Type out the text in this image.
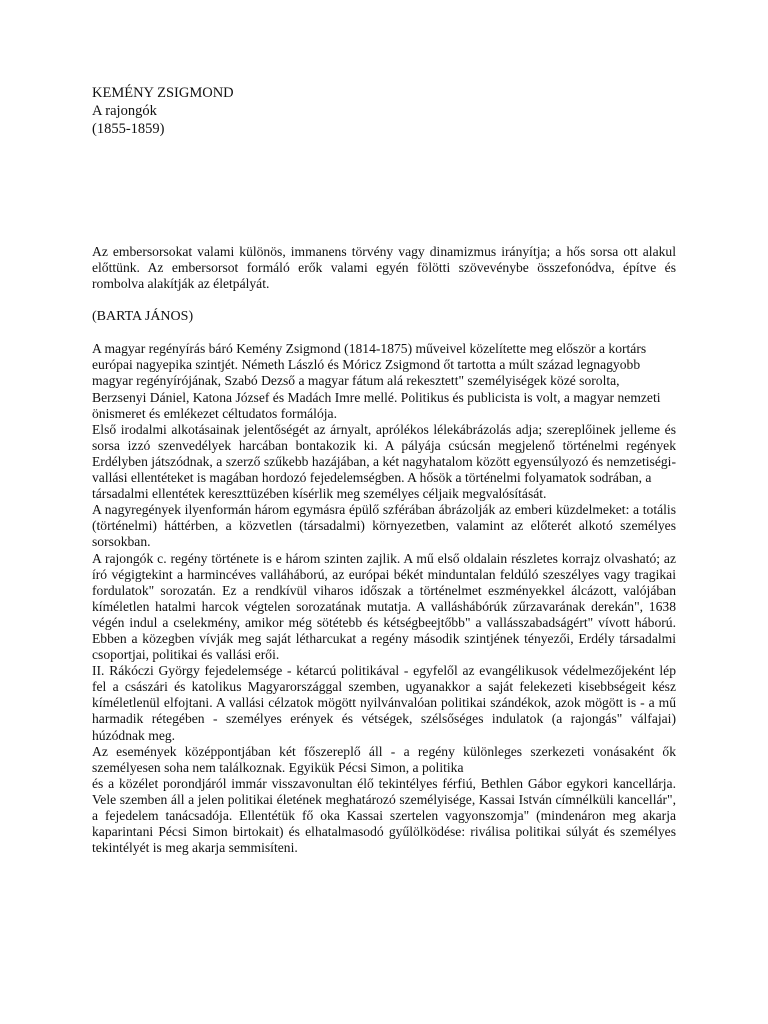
KEMÉNY ZSIGMOND

A rajongók

(1855-1859)

Az embersorsokat valami különös, immanens törvény vagy dinamizmus irányítja; a hős sorsa ott alakul előttünk. Az embersorsot formáló erők valami egyén fölötti szövevénybe összefonódva, építve és rombolva alakítják az életpályát.

(BARTA JÁNOS)

A magyar regényírás báró Kemény Zsigmond (1814-1875) műveivel közelítette meg először a kortárs európai nagyepika szintjét. Németh László és Móricz Zsigmond őt tartotta a múlt század legnagyobb magyar regényírójának, Szabó Dezső a magyar fátum alá rekesztett" személyiségek közé sorolta, Berzsenyi Dániel, Katona József és Madách Imre mellé. Politikus és publicista is volt, a magyar nemzeti önismeret és emlékezet céltudatos formálója.

Első irodalmi alkotásainak jelentőségét az árnyalt, aprólékos lélekábrázolás adja; szereplőinek jelleme és sorsa izzó szenvedélyek harcában bontakozik ki. A pályája csúcsán megjelenő történelmi regények Erdélyben játszódnak, a szerző szűkebb hazájában, a két nagyhatalom között egyensúlyozó és nemzetiségi-vallási ellentéteket is magában hordozó fejedelemségben. A hősök a történelmi folyamatok sodrában, a

társadalmi ellentétek kereszttüzében kísérlik meg személyes céljaik megvalósítását.

A nagyregények ilyenformán három egymásra épülő szférában ábrázolják az emberi küzdelmeket: a totális (történelmi) háttérben, a közvetlen (társadalmi) környezetben, valamint az előterét alkotó személyes sorsokban.

A rajongók c. regény története is e három szinten zajlik. A mű első oldalain részletes korrajz olvasható; az író végigtekint a harmincéves valláháború, az európai békét minduntalan feldúló szeszélyes vagy tragikai fordulatok" sorozatán. Ez a rendkívül viharos időszak a történelmet eszményekkel álcázott, valójában kíméletlen hatalmi harcok végtelen sorozatának mutatja. A valláshábórúk zűrzavarának derekán", 1638 végén indul a cselekmény, amikor még sötétebb és kétségbeejtőbb" a vallásszabadságért" vívott háború. Ebben a közegben vívják meg saját létharcukat a regény második szintjének tényezői, Erdély társadalmi csoportjai, politikai és vallási erői.

II. Rákóczi György fejedelemsége - kétarcú politikával - egyfelől az evangélikusok védelmezőjeként lép fel a császári és katolikus Magyarországgal szemben, ugyanakkor a saját felekezeti kisebbségeit kész kíméletlenül elfojtani. A vallási célzatok mögött nyilvánvalóan politikai szándékok, azok mögött is - a mű harmadik rétegében - személyes erények és vétségek, szélsőséges indulatok (a rajongás" válfajai) húzódnak meg.

Az események középpontjában két főszereplő áll - a regény különleges szerkezeti vonásaként ők személyesen soha nem találkoznak. Egyikük Pécsi Simon, a politika

és a közélet porondjáról immár visszavonultan élő tekintélyes férfiú, Bethlen Gábor egykori kancellárja. Vele szemben áll a jelen politikai életének meghatározó személyisége, Kassai István címnélküli kancellár", a fejedelem tanácsadója. Ellentétük fő oka Kassai szertelen vagyonszomja" (mindenáron meg akarja kaparintani Pécsi Simon birtokait) és elhatalmasodó gyűlölködése: riválisa politikai súlyát és személyes tekintélyét is meg akarja semmisíteni.
